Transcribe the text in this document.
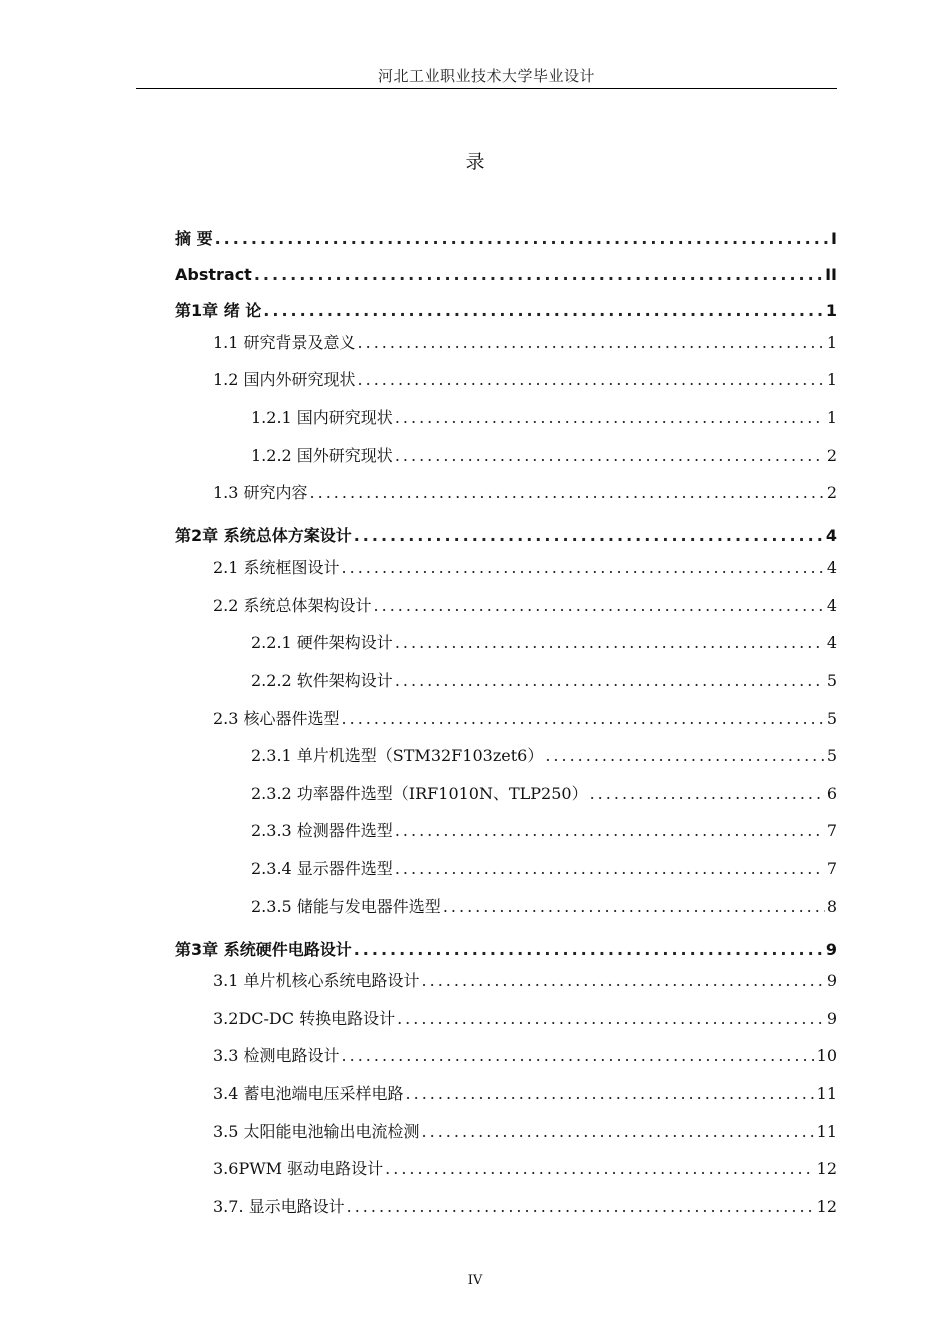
河北工业职业技术大学毕业设计
录
摘 要 .....	I
Abstract .....	II
第1章 绪 论 .....	1
1.1 研究背景及意义 .....	1
1.2 国内外研究现状 .....	1
1.2.1 国内研究现状 .....	1
1.2.2 国外研究现状 .....	2
1.3 研究内容 .....	2
第2章 系统总体方案设计 .....	4
2.1 系统框图设计 .....	4
2.2 系统总体架构设计 .....	4
2.2.1 硬件架构设计 .....	4
2.2.2 软件架构设计 .....	5
2.3 核心器件选型 .....	5
2.3.1 单片机选型（STM32F103zet6） .....	5
2.3.2 功率器件选型（IRF1010N、TLP250） .....	6
2.3.3 检测器件选型 .....	7
2.3.4 显示器件选型 .....	7
2.3.5 储能与发电器件选型 .....	8
第3章 系统硬件电路设计 .....	9
3.1 单片机核心系统电路设计 .....	9
3.2DC-DC 转换电路设计 .....	9
3.3 检测电路设计 .....	10
3.4 蓄电池端电压采样电路 .....	11
3.5 太阳能电池输出电流检测 .....	11
3.6PWM 驱动电路设计 .....	12
3.7. 显示电路设计 .....	12
IV
